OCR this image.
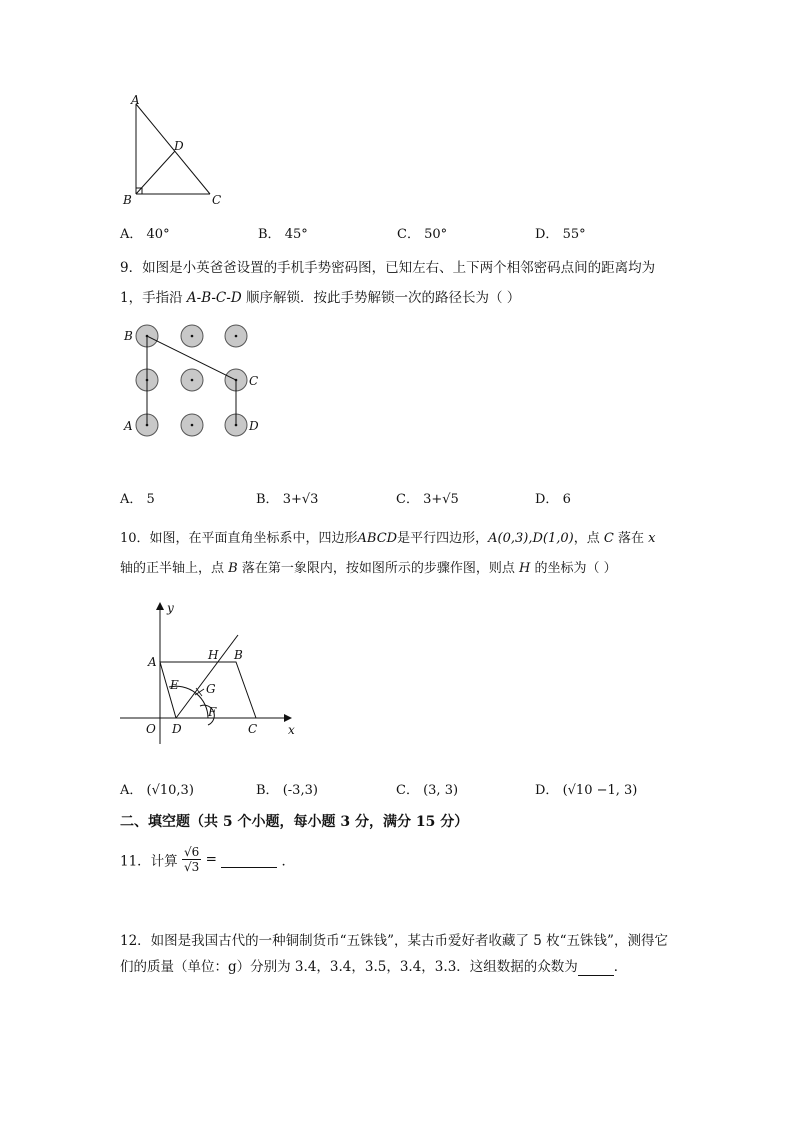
A
B	C
D
A． 40°	B． 45°	C． 50°	D． 55°
9．如图是小英爸爸设置的手机手势密码图，已知左右、上下两个相邻密码点间的距离均为
1，手指沿 A-B-C-D 顺序解锁．按此手势解锁一次的路径长为（ ）
B
C
A	D
A． 5	B． 3+√3	C． 3+√5	D． 6
10．如图，在平面直角坐标系中，四边形ABCD是平行四边形，A(0,3),D(1,0)，点 C 落在 x
轴的正半轴上，点 B 落在第一象限内，按如图所示的步骤作图，则点 H 的坐标为（ ）
x
y
O
A	B
C
D
E
F
G
H
A． (√10,3)	B． (-3,3)	C． (3, 3)	D． (√10 −1, 3)
二、填空题（共 5 个小题，每小题 3 分，满分 15 分）
11．计算 $\frac{√6}{√3}$ =	．
12．如图是我国古代的一种铜制货币“五铢钱”，某古币爱好者收藏了 5 枚“五铢钱”，测得它
们的质量（单位：g）分别为 3.4，3.4，3.5，3.4，3.3．这组数据的众数为	．
